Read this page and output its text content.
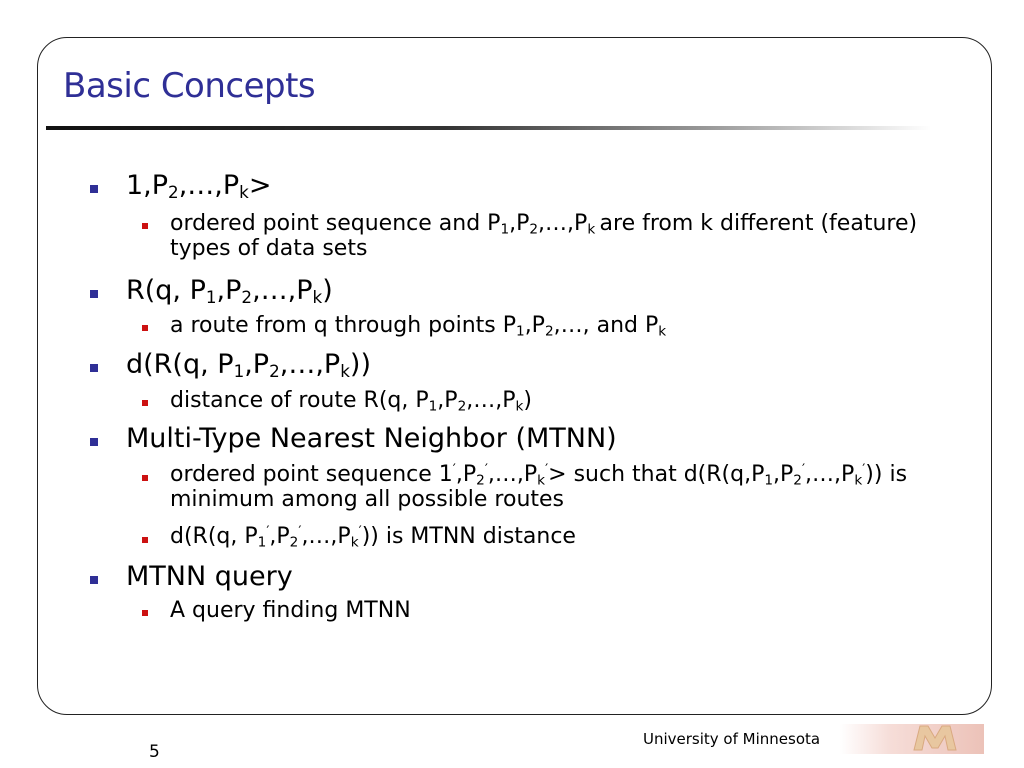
Basic Concepts

$1,P_2,\dots,P_k>$

ordered point sequence and $P_1,P_2,\dots,P_k$ are from k different (feature) types of data sets

R(q, $P_1,P_2,\dots,P_k$)

a route from q through points $P_1,P_2,\dots$, and $P_k$

d(R(q, $P_1,P_2,\dots,P_k$))

distance of route R(q, $P_1,P_2,\dots,P_k$)

Multi-Type Nearest Neighbor (MTNN)

ordered point sequence $1',P_2',\dots,P_k'>$ such that $d(R(q,P_1,P_2',\dots,P_k'))$ is minimum among all possible routes

d(R(q, $P_1',P_2',\dots,P_k'$)) is MTNN distance

MTNN query

A query finding MTNN

University of Minnesota
5
